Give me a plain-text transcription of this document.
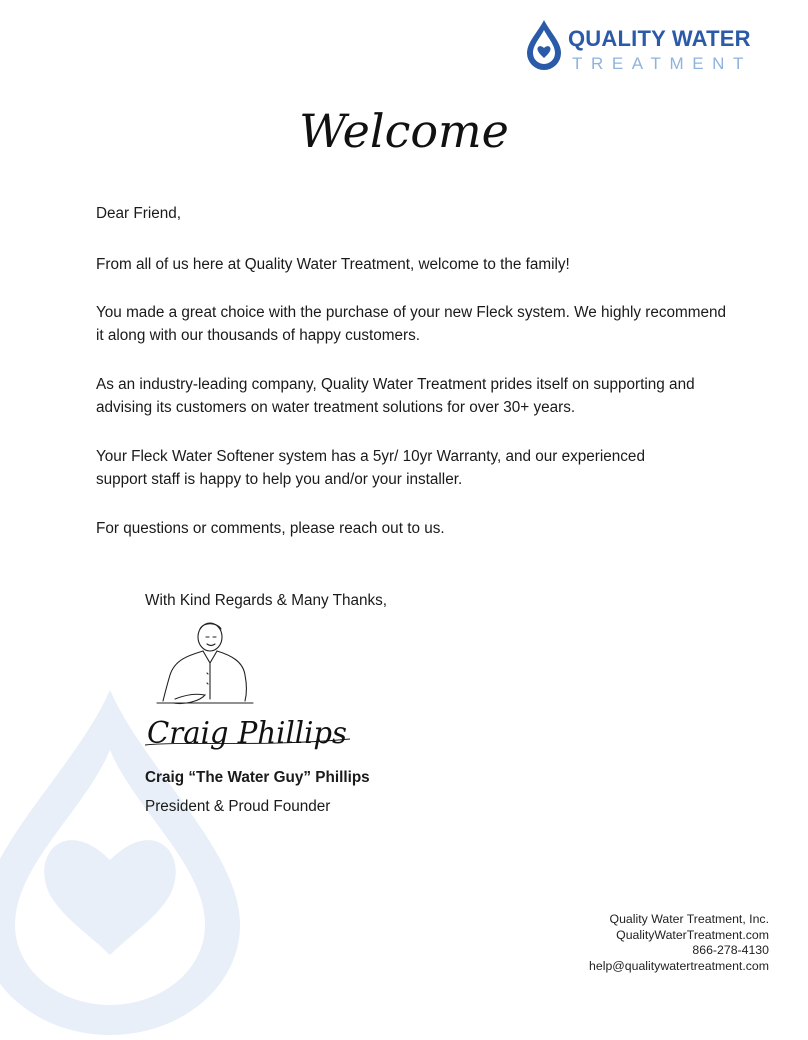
QUALITY WATER
TREATMENT
Welcome

Dear Friend,

From all of us here at Quality Water Treatment, welcome to the family!

You made a great choice with the purchase of your new Fleck system. We highly recommend it along with our thousands of happy customers.

As an industry-leading company, Quality Water Treatment prides itself on supporting and advising its customers on water treatment solutions for over 30+ years.

Your Fleck Water Softener system has a 5yr/ 10yr Warranty, and our experienced support staff is happy to help you and/or your installer.

For questions or comments, please reach out to us.

With Kind Regards & Many Thanks,
Craig Phillips
Craig “The Water Guy” Phillips
President & Proud Founder
Quality Water Treatment, Inc.
QualityWaterTreatment.com
866-278-4130
help@qualitywatertreatment.com
